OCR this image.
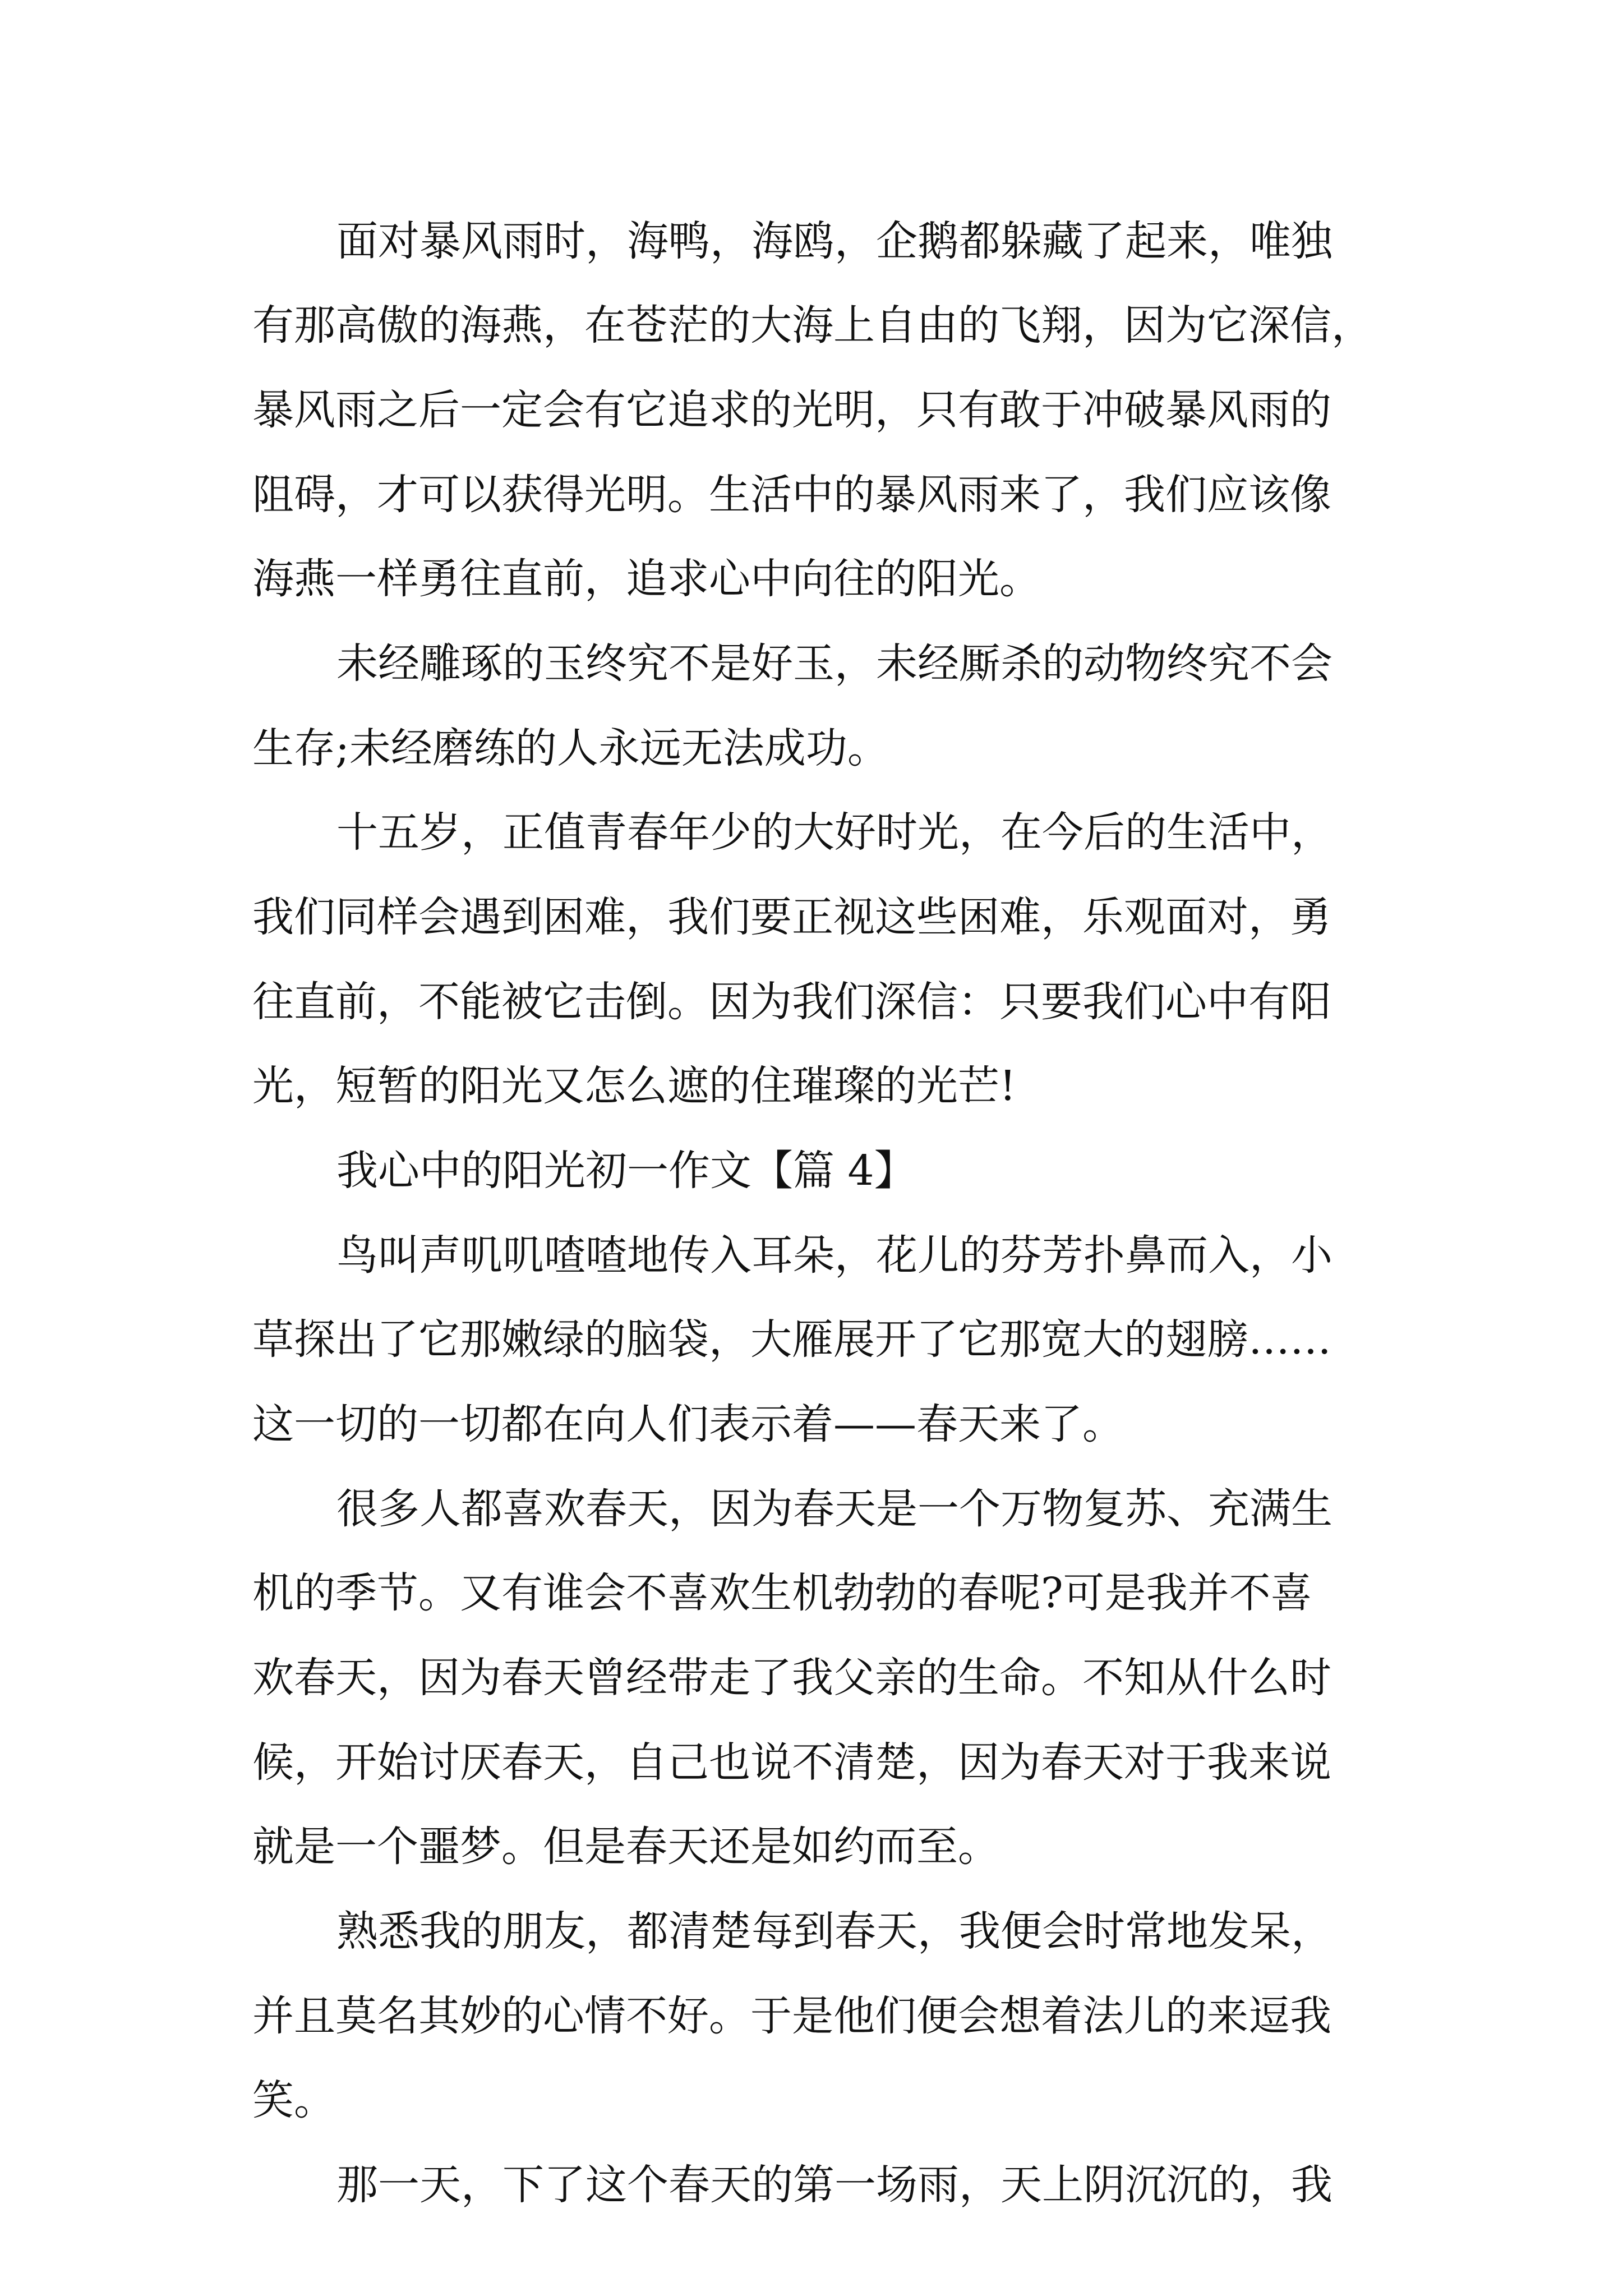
面对暴风雨时，海鸭，海鸥，企鹅都躲藏了起来，唯独

有那高傲的海燕，在苍茫的大海上自由的飞翔，因为它深信，

暴风雨之后一定会有它追求的光明，只有敢于冲破暴风雨的

阻碍，才可以获得光明。生活中的暴风雨来了，我们应该像

海燕一样勇往直前，追求心中向往的阳光。

未经雕琢的玉终究不是好玉，未经厮杀的动物终究不会

生存;未经磨练的人永远无法成功。

十五岁，正值青春年少的大好时光，在今后的生活中，

我们同样会遇到困难，我们要正视这些困难，乐观面对，勇

往直前，不能被它击倒。因为我们深信：只要我们心中有阳

光，短暂的阳光又怎么遮的住璀璨的光芒!

我心中的阳光初一作文【篇 4】

鸟叫声叽叽喳喳地传入耳朵，花儿的芬芳扑鼻而入，小

草探出了它那嫩绿的脑袋，大雁展开了它那宽大的翅膀……

这一切的一切都在向人们表示着——春天来了。

很多人都喜欢春天，因为春天是一个万物复苏、充满生

机的季节。又有谁会不喜欢生机勃勃的春呢?可是我并不喜

欢春天，因为春天曾经带走了我父亲的生命。不知从什么时

候，开始讨厌春天，自己也说不清楚，因为春天对于我来说

就是一个噩梦。但是春天还是如约而至。

熟悉我的朋友，都清楚每到春天，我便会时常地发呆，

并且莫名其妙的心情不好。于是他们便会想着法儿的来逗我

笑。

那一天，下了这个春天的第一场雨，天上阴沉沉的，我
